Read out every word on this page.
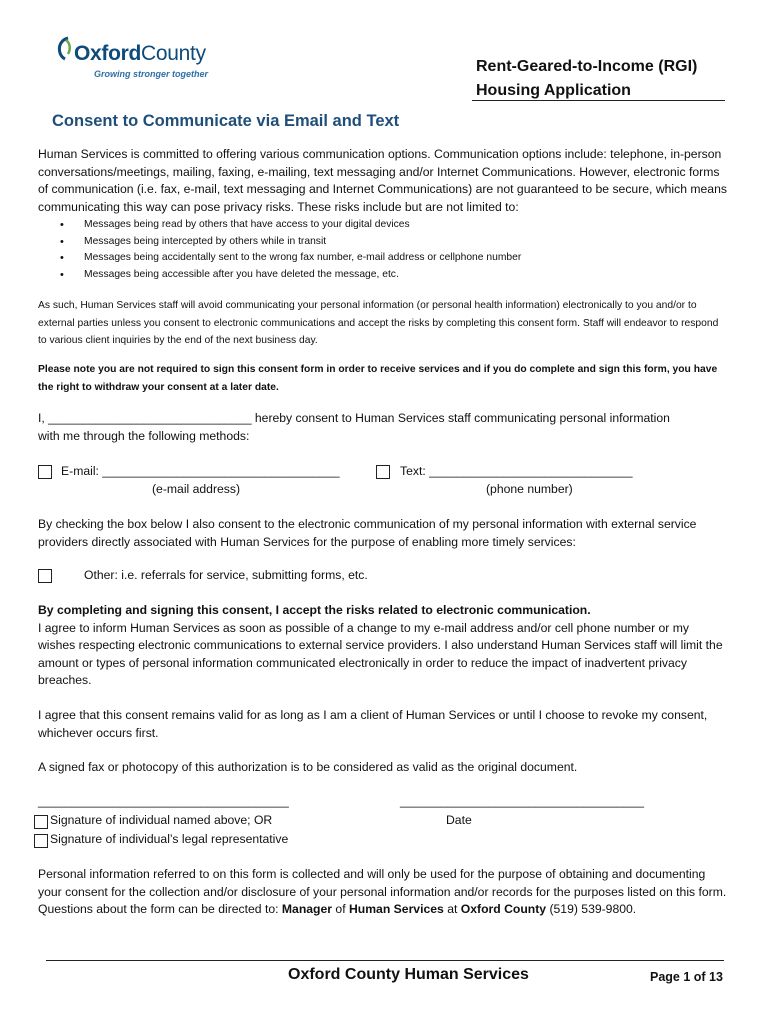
OxfordCounty
Growing stronger together	Rent-Geared-to-Income (RGI)
Housing Application
Consent to Communicate via Email and Text
Human Services is committed to offering various communication options. Communication options include: telephone, in-person conversations/meetings, mailing, faxing, e-mailing, text messaging and/or Internet Communications. However, electronic forms of communication (i.e. fax, e-mail, text messaging and Internet Communications) are not guaranteed to be secure, which means communicating this way can pose privacy risks. These risks include but are not limited to:
• Messages being read by others that have access to your digital devices
• Messages being intercepted by others while in transit
• Messages being accidentally sent to the wrong fax number, e-mail address or cellphone number
• Messages being accessible after you have deleted the message, etc.
As such, Human Services staff will avoid communicating your personal information (or personal health information) electronically to you and/or to external parties unless you consent to electronic communications and accept the risks by completing this consent form. Staff will endeavor to respond to various client inquiries by the end of the next business day.
Please note you are not required to sign this consent form in order to receive services and if you do complete and sign this form, you have the right to withdraw your consent at a later date.
I, ______________________________ hereby consent to Human Services staff communicating personal information
with me through the following methods:
E-mail: ___________________________________
(e-mail address)
Text: ______________________________
(phone number)
By checking the box below I also consent to the electronic communication of my personal information with external service providers directly associated with Human Services for the purpose of enabling more timely services:
Other: i.e. referrals for service, submitting forms, etc.
By completing and signing this consent, I accept the risks related to electronic communication.
I agree to inform Human Services as soon as possible of a change to my e-mail address and/or cell phone number or my wishes respecting electronic communications to external service providers. I also understand Human Services staff will limit the amount or types of personal information communicated electronically in order to reduce the impact of inadvertent privacy breaches.
I agree that this consent remains valid for as long as I am a client of Human Services or until I choose to revoke my consent, whichever occurs first.
A signed fax or photocopy of this authorization is to be considered as valid as the original document.
_____________________________________	____________________________________
Signature of individual named above; OR	Date
Signature of individual’s legal representative
Personal information referred to on this form is collected and will only be used for the purpose of obtaining and documenting your consent for the collection and/or disclosure of your personal information and/or records for the purposes listed on this form. Questions about the form can be directed to: Manager of Human Services at Oxford County (519) 539-9800.
Oxford County Human Services	Page 1 of 13
